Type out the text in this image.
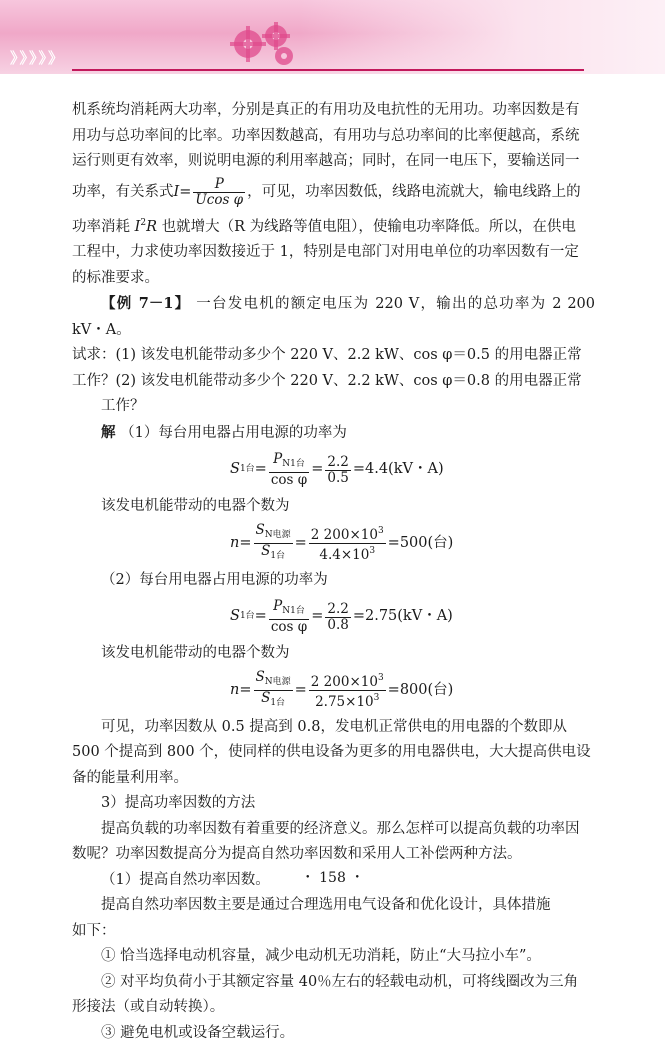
》》》》》

机系统均消耗两大功率，分别是真正的有用功及电抗性的无用功。功率因数是有

用功与总功率间的比率。功率因数越高，有用功与总功率间的比率便越高，系统

运行则更有效率，则说明电源的利用率越高；同时，在同一电压下，要输送同一

功率，有关系式 $I = \frac{P}{\text{Ucos φ}}$ ，可见，功率因数低，线路电流就大，输电线路上的

功率消耗 $I^2R$ 也就增大（R 为线路等值电阻），使输电功率降低。所以，在供电

工程中，力求使功率因数接近于 1，特别是电部门对用电单位的功率因数有一定

的标准要求。

【例 7－1】 一台发电机的额定电压为 220 V，输出的总功率为 2 200 kV・A。

试求：(1) 该发电机能带动多少个 220 V、2.2 kW、cos φ＝0.5 的用电器正常

工作？(2) 该发电机能带动多少个 220 V、2.2 kW、cos φ＝0.8 的用电器正常

工作？

解 （1）每台用电器占用电源的功率为

S 1台 = $\frac{P_{N1台}}{\text{cos φ}} = \frac{2.2}{0.5} =4.4(kV$・A)

该发电机能带动的电器个数为

$n = \frac{S_{N电源}}{S_{1台}} = \frac{2 200\times 10^3}{4.4\times 10^3} =500$(台)

（2）每台用电器占用电源的功率为

S 1台 = $\frac{P_{N1台}}{\text{cos φ}} = \frac{2.2}{0.8} =2.75(kV$・A)

该发电机能带动的电器个数为

$n = \frac{S_{N电源}}{S_{1台}} = \frac{2 200\times 10^3}{2.75\times 10^3} =800$(台)

可见，功率因数从 0.5 提高到 0.8，发电机正常供电的用电器的个数即从

500 个提高到 800 个，使同样的供电设备为更多的用电器供电，大大提高供电设

备的能量利用率。

3）提高功率因数的方法

提高负载的功率因数有着重要的经济意义。那么怎样可以提高负载的功率因

数呢？功率因数提高分为提高自然功率因数和采用人工补偿两种方法。

（1）提高自然功率因数。

提高自然功率因数主要是通过合理选用电气设备和优化设计，具体措施

如下：

① 恰当选择电动机容量，减少电动机无功消耗，防止“大马拉小车”。

② 对平均负荷小于其额定容量 40％左右的轻载电动机，可将线圈改为三角

形接法（或自动转换）。

③ 避免电机或设备空载运行。

・ 158 ・
